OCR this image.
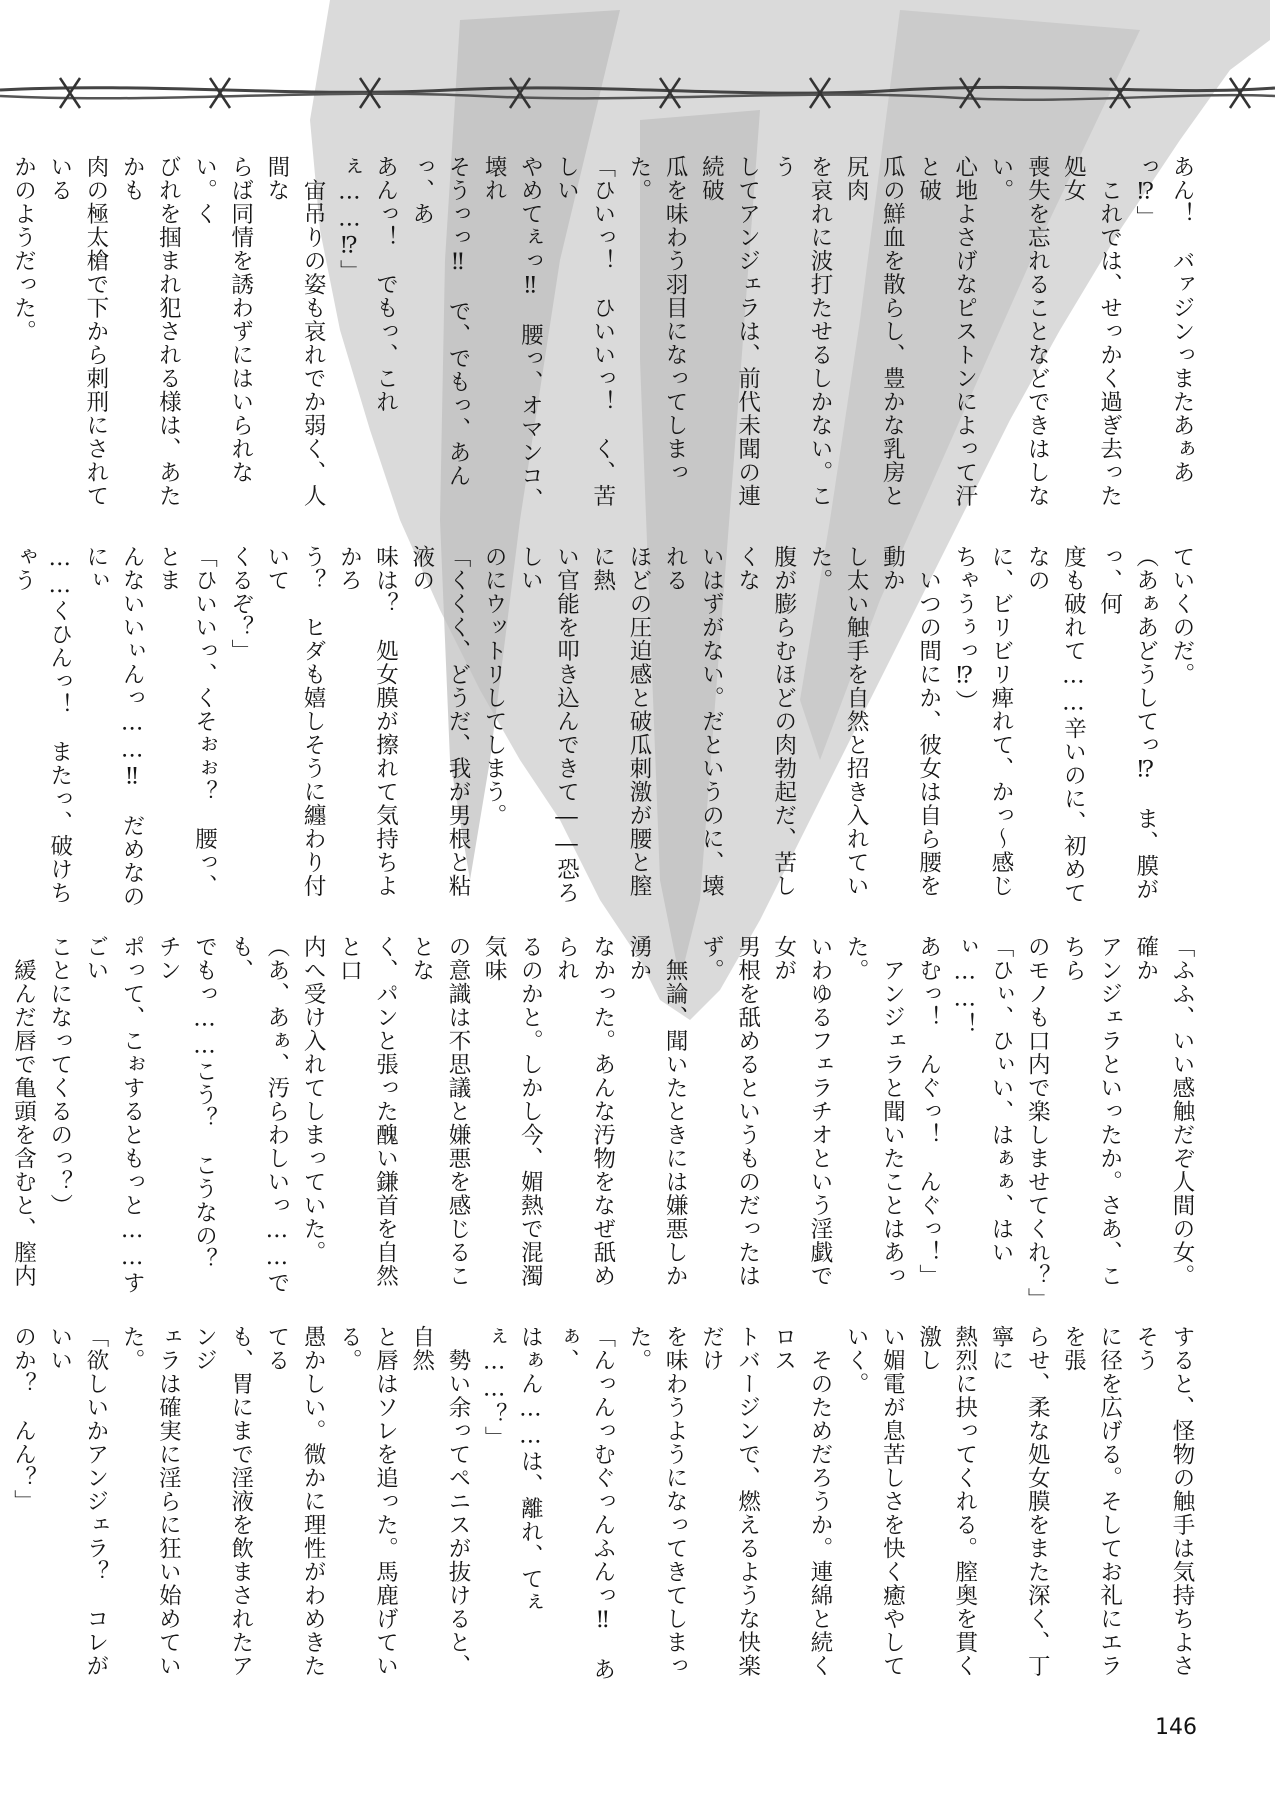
あん！　バァジンっまたあぁあっ⁉」

　これでは、せっかく過ぎ去った処女

喪失を忘れることなどできはしない。

心地よさげなピストンによって汗と破

瓜の鮮血を散らし、豊かな乳房と尻肉

を哀れに波打たせるしかない。こう

してアンジェラは、前代未聞の連続破

瓜を味わう羽目になってしまった。

「ひいっ！　ひいいっ！　く、苦しい

やめてぇっ‼　腰っ、オマンコ、壊れ

そうっっ‼　で、でもっ、あんっ、あ

あんっ！　でもっ、これぇ……⁉」

　宙吊りの姿も哀れでか弱く、人間な

らば同情を誘わずにはいられない。く

びれを掴まれ犯される様は、あたかも

肉の極太槍で下から刺刑にされている

かのようだった。

ていくのだ。

（あぁあどうしてっ⁉　ま、膜がっ、何

度も破れて……辛いのに、初めてなの

に、ビリビリ痺れて、かっ～感じ

ちゃうぅっ⁉）

　いつの間にか、彼女は自ら腰を動か

し太い触手を自然と招き入れていた。

腹が膨らむほどの肉勃起だ、苦しくな

いはずがない。だというのに、壊れる

ほどの圧迫感と破瓜刺激が腰と膣に熱

い官能を叩き込んできて――恐ろしい

のにウットリしてしまう。

「くくく、どうだ、我が男根と粘液の

味は？　処女膜が擦れて気持ちよかろ

う？　ヒダも嬉しそうに纏わり付いて

くるぞ？」

「ひいいっ、くそぉぉ？　腰っ、とま

んないいぃんっ……‼　だめなのにぃ

……くひんっ！　またっ、破けちゃう

「ふふ、いい感触だぞ人間の女。確か

アンジェラといったか。さあ、こちら

のモノも口内で楽しませてくれ？」

「ひぃ、ひぃい、はぁぁ、はいぃ……！

あむっ！　んぐっ！　んぐっ！」

　アンジェラと聞いたことはあった。

いわゆるフェラチオという淫戯で女が

男根を舐めるというものだったはず。

　無論、聞いたときには嫌悪しか湧か

なかった。あんな汚物をなぜ舐められ

るのかと。しかし今、媚熱で混濁気味

の意識は不思議と嫌悪を感じることな

く、パンと張った醜い鎌首を自然と口

内へ受け入れてしまっていた。

（あ、あぁ、汚らわしいっ……でも、

でもっ……こう？　こうなの？　チン

ポって、こぉするともっと……すごい

ことになってくるのっ？）

　緩んだ唇で亀頭を含むと、膣内

すると、怪物の触手は気持ちよさそう

に径を広げる。そしてお礼にエラを張

らせ、柔な処女膜をまた深く、丁寧に

熱烈に抉ってくれる。膣奥を貫く激し

い媚電が息苦しさを快く癒やしていく。

　そのためだろうか。連綿と続くロス

トバージンで、燃えるような快楽だけ

を味わうようになってきてしまった。

「んっんっむぐっんふんっ‼　あぁ、

はぁん……は、離れ、てぇぇ……？」

　勢い余ってペニスが抜けると、自然

と唇はソレを追った。馬鹿げている。

愚かしい。微かに理性がわめきたてる

も、胃にまで淫液を飲まされたアンジ

ェラは確実に淫らに狂い始めていた。

「欲しいかアンジェラ？　コレがいい

のか？　んん？」

146
